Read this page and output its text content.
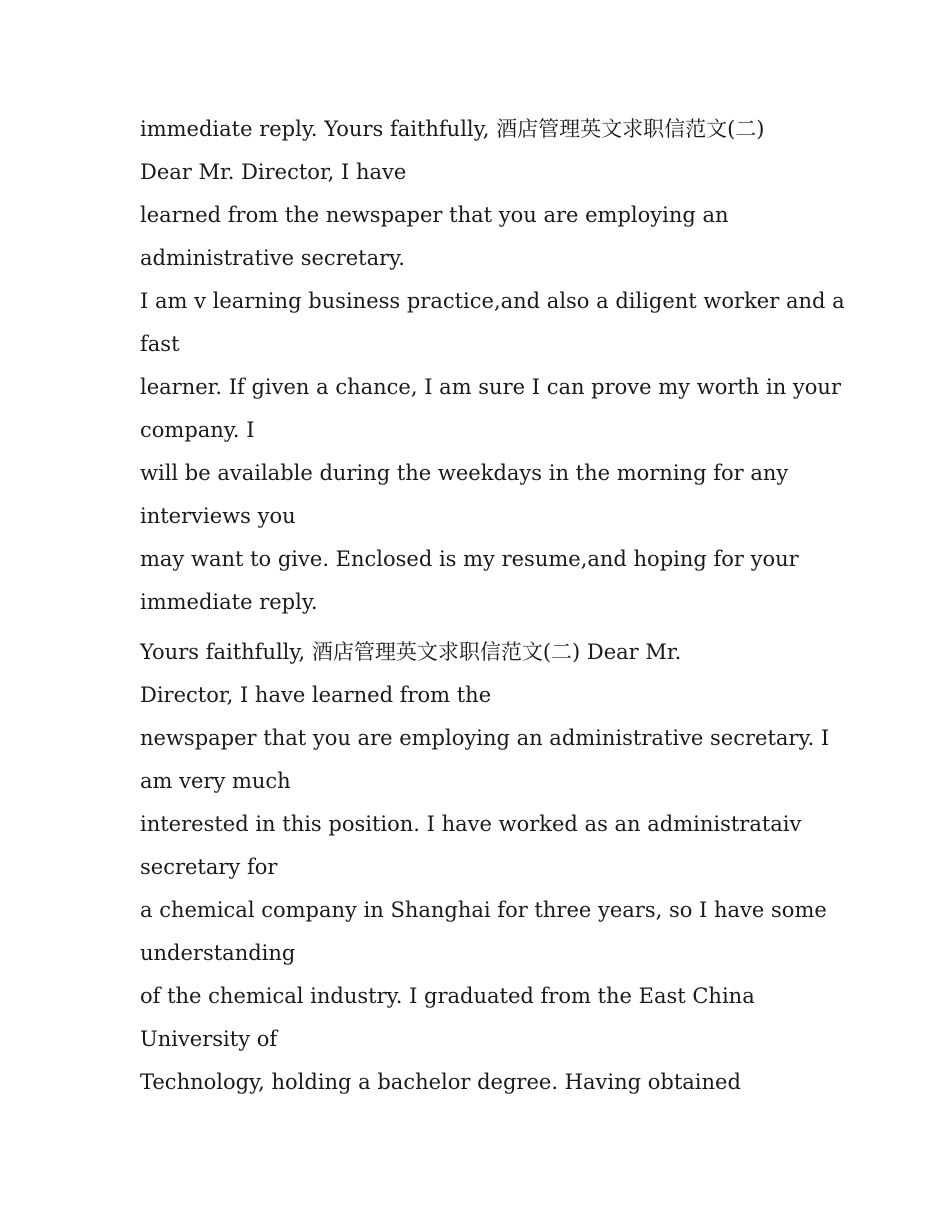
immediate reply. Yours faithfully, 酒店管理英文求职信范文(二)
Dear Mr. Director, I have
learned from the newspaper that you are employing an
administrative secretary.
I am v learning business practice,and also a diligent worker and a
fast
learner. If given a chance, I am sure I can prove my worth in your
company. I
will be available during the weekdays in the morning for any
interviews you
may want to give. Enclosed is my resume,and hoping for your
immediate reply.
Yours faithfully, 酒店管理英文求职信范文(二) Dear Mr.
Director, I have learned from the
newspaper that you are employing an administrative secretary. I
am very much
interested in this position. I have worked as an administrataiv
secretary for
a chemical company in Shanghai for three years, so I have some
understanding
of the chemical industry. I graduated from the East China
University of
Technology, holding a bachelor degree. Having obtained
